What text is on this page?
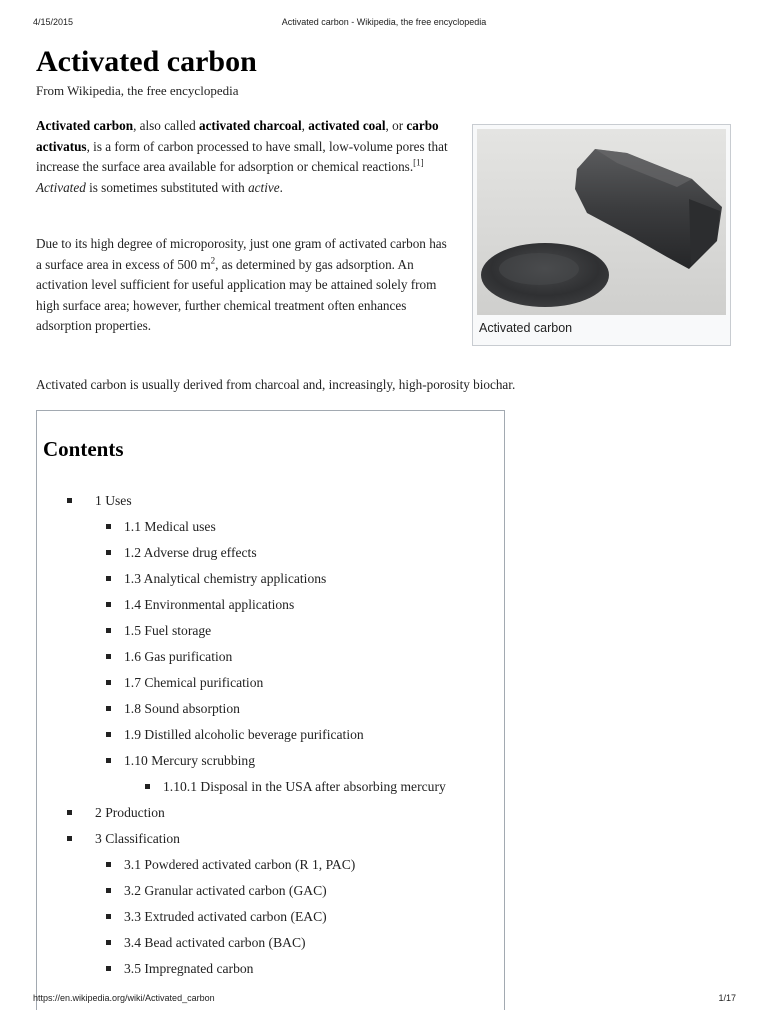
4/15/2015	Activated carbon - Wikipedia, the free encyclopedia
Activated carbon
From Wikipedia, the free encyclopedia
Activated carbon, also called activated charcoal, activated coal, or carbo activatus, is a form of carbon processed to have small, low-volume pores that increase the surface area available for adsorption or chemical reactions.[1] Activated is sometimes substituted with active.
Due to its high degree of microporosity, just one gram of activated carbon has a surface area in excess of 500 $m^2$, as determined by gas adsorption. An activation level sufficient for useful application may be attained solely from high surface area; however, further chemical treatment often enhances adsorption properties.	Activated carbon
Activated carbon is usually derived from charcoal and, increasingly, high-porosity biochar.
Contents
1 Uses
1.1 Medical uses
1.2 Adverse drug effects
1.3 Analytical chemistry applications
1.4 Environmental applications
1.5 Fuel storage
1.6 Gas purification
1.7 Chemical purification
1.8 Sound absorption
1.9 Distilled alcoholic beverage purification
1.10 Mercury scrubbing
1.10.1 Disposal in the USA after absorbing mercury
2 Production
3 Classification
3.1 Powdered activated carbon (R 1, PAC)
3.2 Granular activated carbon (GAC)
3.3 Extruded activated carbon (EAC)
3.4 Bead activated carbon (BAC)
3.5 Impregnated carbon
https://en.wikipedia.org/wiki/Activated_carbon	1/17
